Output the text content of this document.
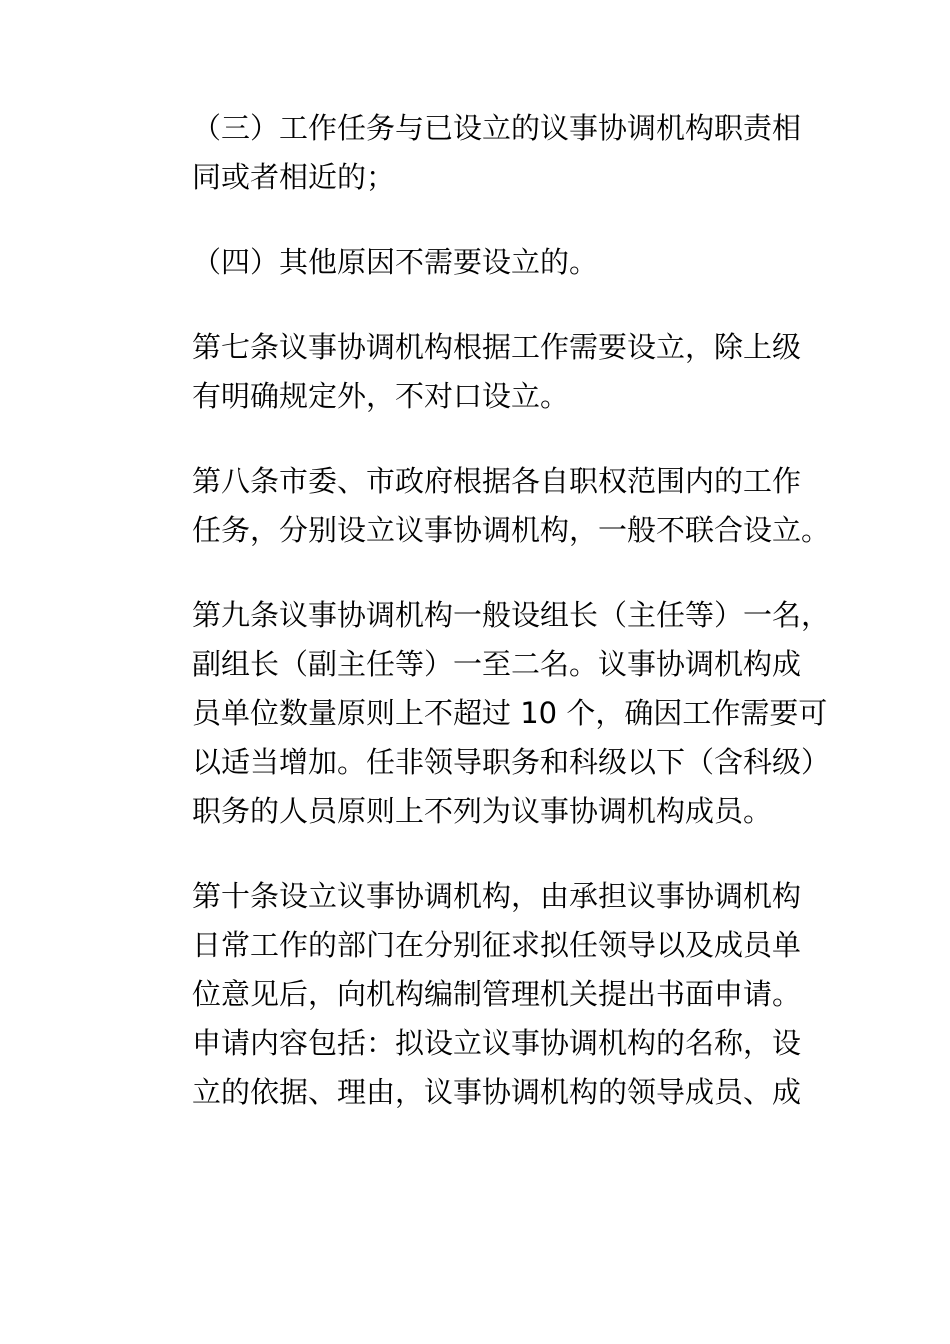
（三）工作任务与已设立的议事协调机构职责相
同或者相近的；

（四）其他原因不需要设立的。

第七条议事协调机构根据工作需要设立，除上级
有明确规定外，不对口设立。

第八条市委、市政府根据各自职权范围内的工作
任务，分别设立议事协调机构，一般不联合设立。

第九条议事协调机构一般设组长（主任等）一名，
副组长（副主任等）一至二名。议事协调机构成
员单位数量原则上不超过 10 个，确因工作需要可
以适当增加。任非领导职务和科级以下（含科级）
职务的人员原则上不列为议事协调机构成员。

第十条设立议事协调机构，由承担议事协调机构
日常工作的部门在分别征求拟任领导以及成员单
位意见后，向机构编制管理机关提出书面申请。
申请内容包括：拟设立议事协调机构的名称，设
立的依据、理由，议事协调机构的领导成员、成
